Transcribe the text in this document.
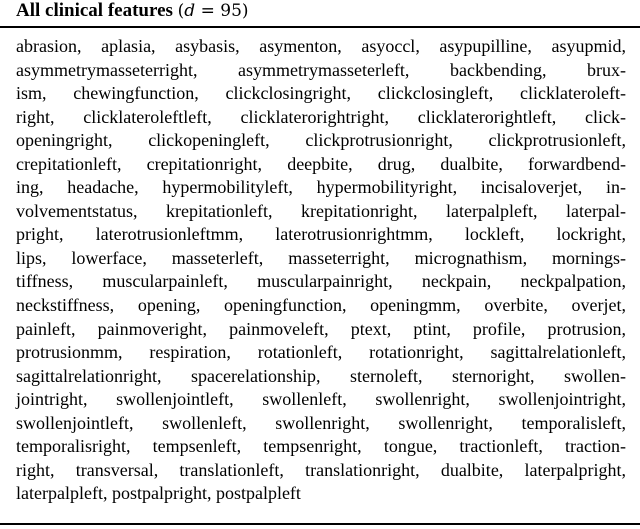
All clinical features (d = 95)
abrasion, aplasia, asybasis, asymenton, asyoccl, asypupilline, asyupmid,
asymmetrymasseterright, asymmetrymasseterleft, backbending, brux-
ism, chewingfunction, clickclosingright, clickclosingleft, clicklateroleft-
right, clicklateroleftleft, clicklaterorightright, clicklaterorightleft, click-
openingright, clickopeningleft, clickprotrusionright, clickprotrusionleft,
crepitationleft, crepitationright, deepbite, drug, dualbite, forwardbend-
ing, headache, hypermobilityleft, hypermobilityright, incisaloverjet, in-
volvementstatus, krepitationleft, krepitationright, laterpalpleft, laterpal-
pright, laterotrusionleftmm, laterotrusionrightmm, lockleft, lockright,
lips, lowerface, masseterleft, masseterright, micrognathism, mornings-
tiffness, muscularpainleft, muscularpainright, neckpain, neckpalpation,
neckstiffness, opening, openingfunction, openingmm, overbite, overjet,
painleft, painmoveright, painmoveleft, ptext, ptint, profile, protrusion,
protrusionmm, respiration, rotationleft, rotationright, sagittalrelationleft,
sagittalrelationright, spacerelationship, sternoleft, sternoright, swollen-
jointright, swollenjointleft, swollenleft, swollenright, swollenjointright,
swollenjointleft, swollenleft, swollenright, swollenright, temporalisleft,
temporalisright, tempsenleft, tempsenright, tongue, tractionleft, traction-
right, transversal, translationleft, translationright, dualbite, laterpalpright,
laterpalpleft, postpalpright, postpalpleft
